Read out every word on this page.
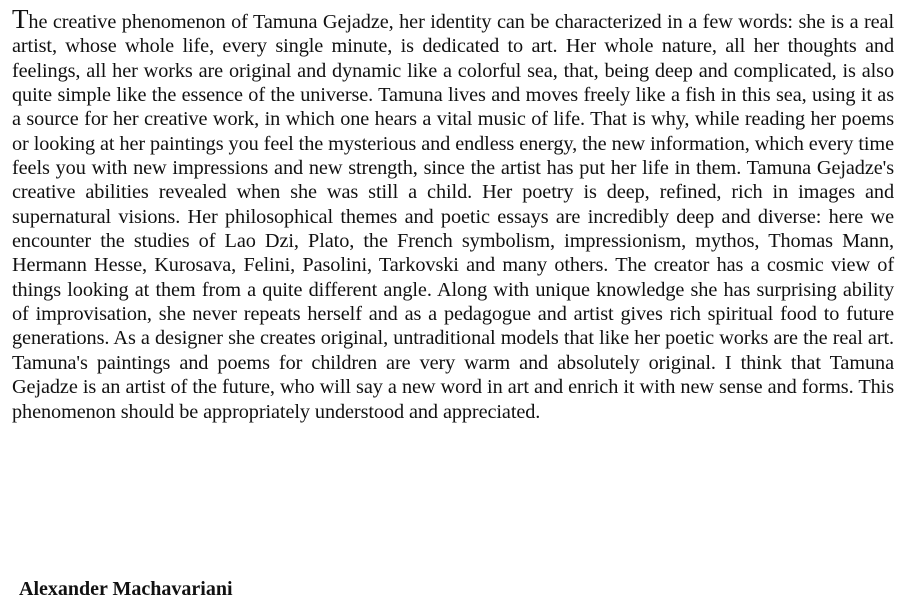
The creative phenomenon of Tamuna Gejadze, her identity can be characterized in a few words: she is a real artist, whose whole life, every single minute, is dedicated to art. Her whole nature, all her thoughts and feelings, all her works are original and dynamic like a colorful sea, that, being deep and complicated, is also quite simple like the essence of the universe. Tamuna lives and moves freely like a fish in this sea, using it as a source for her creative work, in which one hears a vital music of life. That is why, while reading her poems or looking at her paintings you feel the mysterious and endless energy, the new information, which every time feels you with new impressions and new strength, since the artist has put her life in them. Tamuna Gejadze's creative abilities revealed when she was still a child. Her poetry is deep, refined, rich in images and supernatural visions. Her philosophical themes and poetic essays are incredibly deep and diverse: here we encounter the studies of Lao Dzi, Plato, the French symbolism, impressionism, mythos, Thomas Mann, Hermann Hesse, Kurosava, Felini, Pasolini, Tarkovski and many others. The creator has a cosmic view of things looking at them from a quite different angle. Along with unique knowledge she has surprising ability of improvisation, she never repeats herself and as a pedagogue and artist gives rich spiritual food to future generations. As a designer she creates original, untraditional models that like her poetic works are the real art. Tamuna's paintings and poems for children are very warm and absolutely original. I think that Tamuna Gejadze is an artist of the future, who will say a new word in art and enrich it with new sense and forms. This phenomenon should be appropriately understood and appreciated.

Alexander Machavariani
